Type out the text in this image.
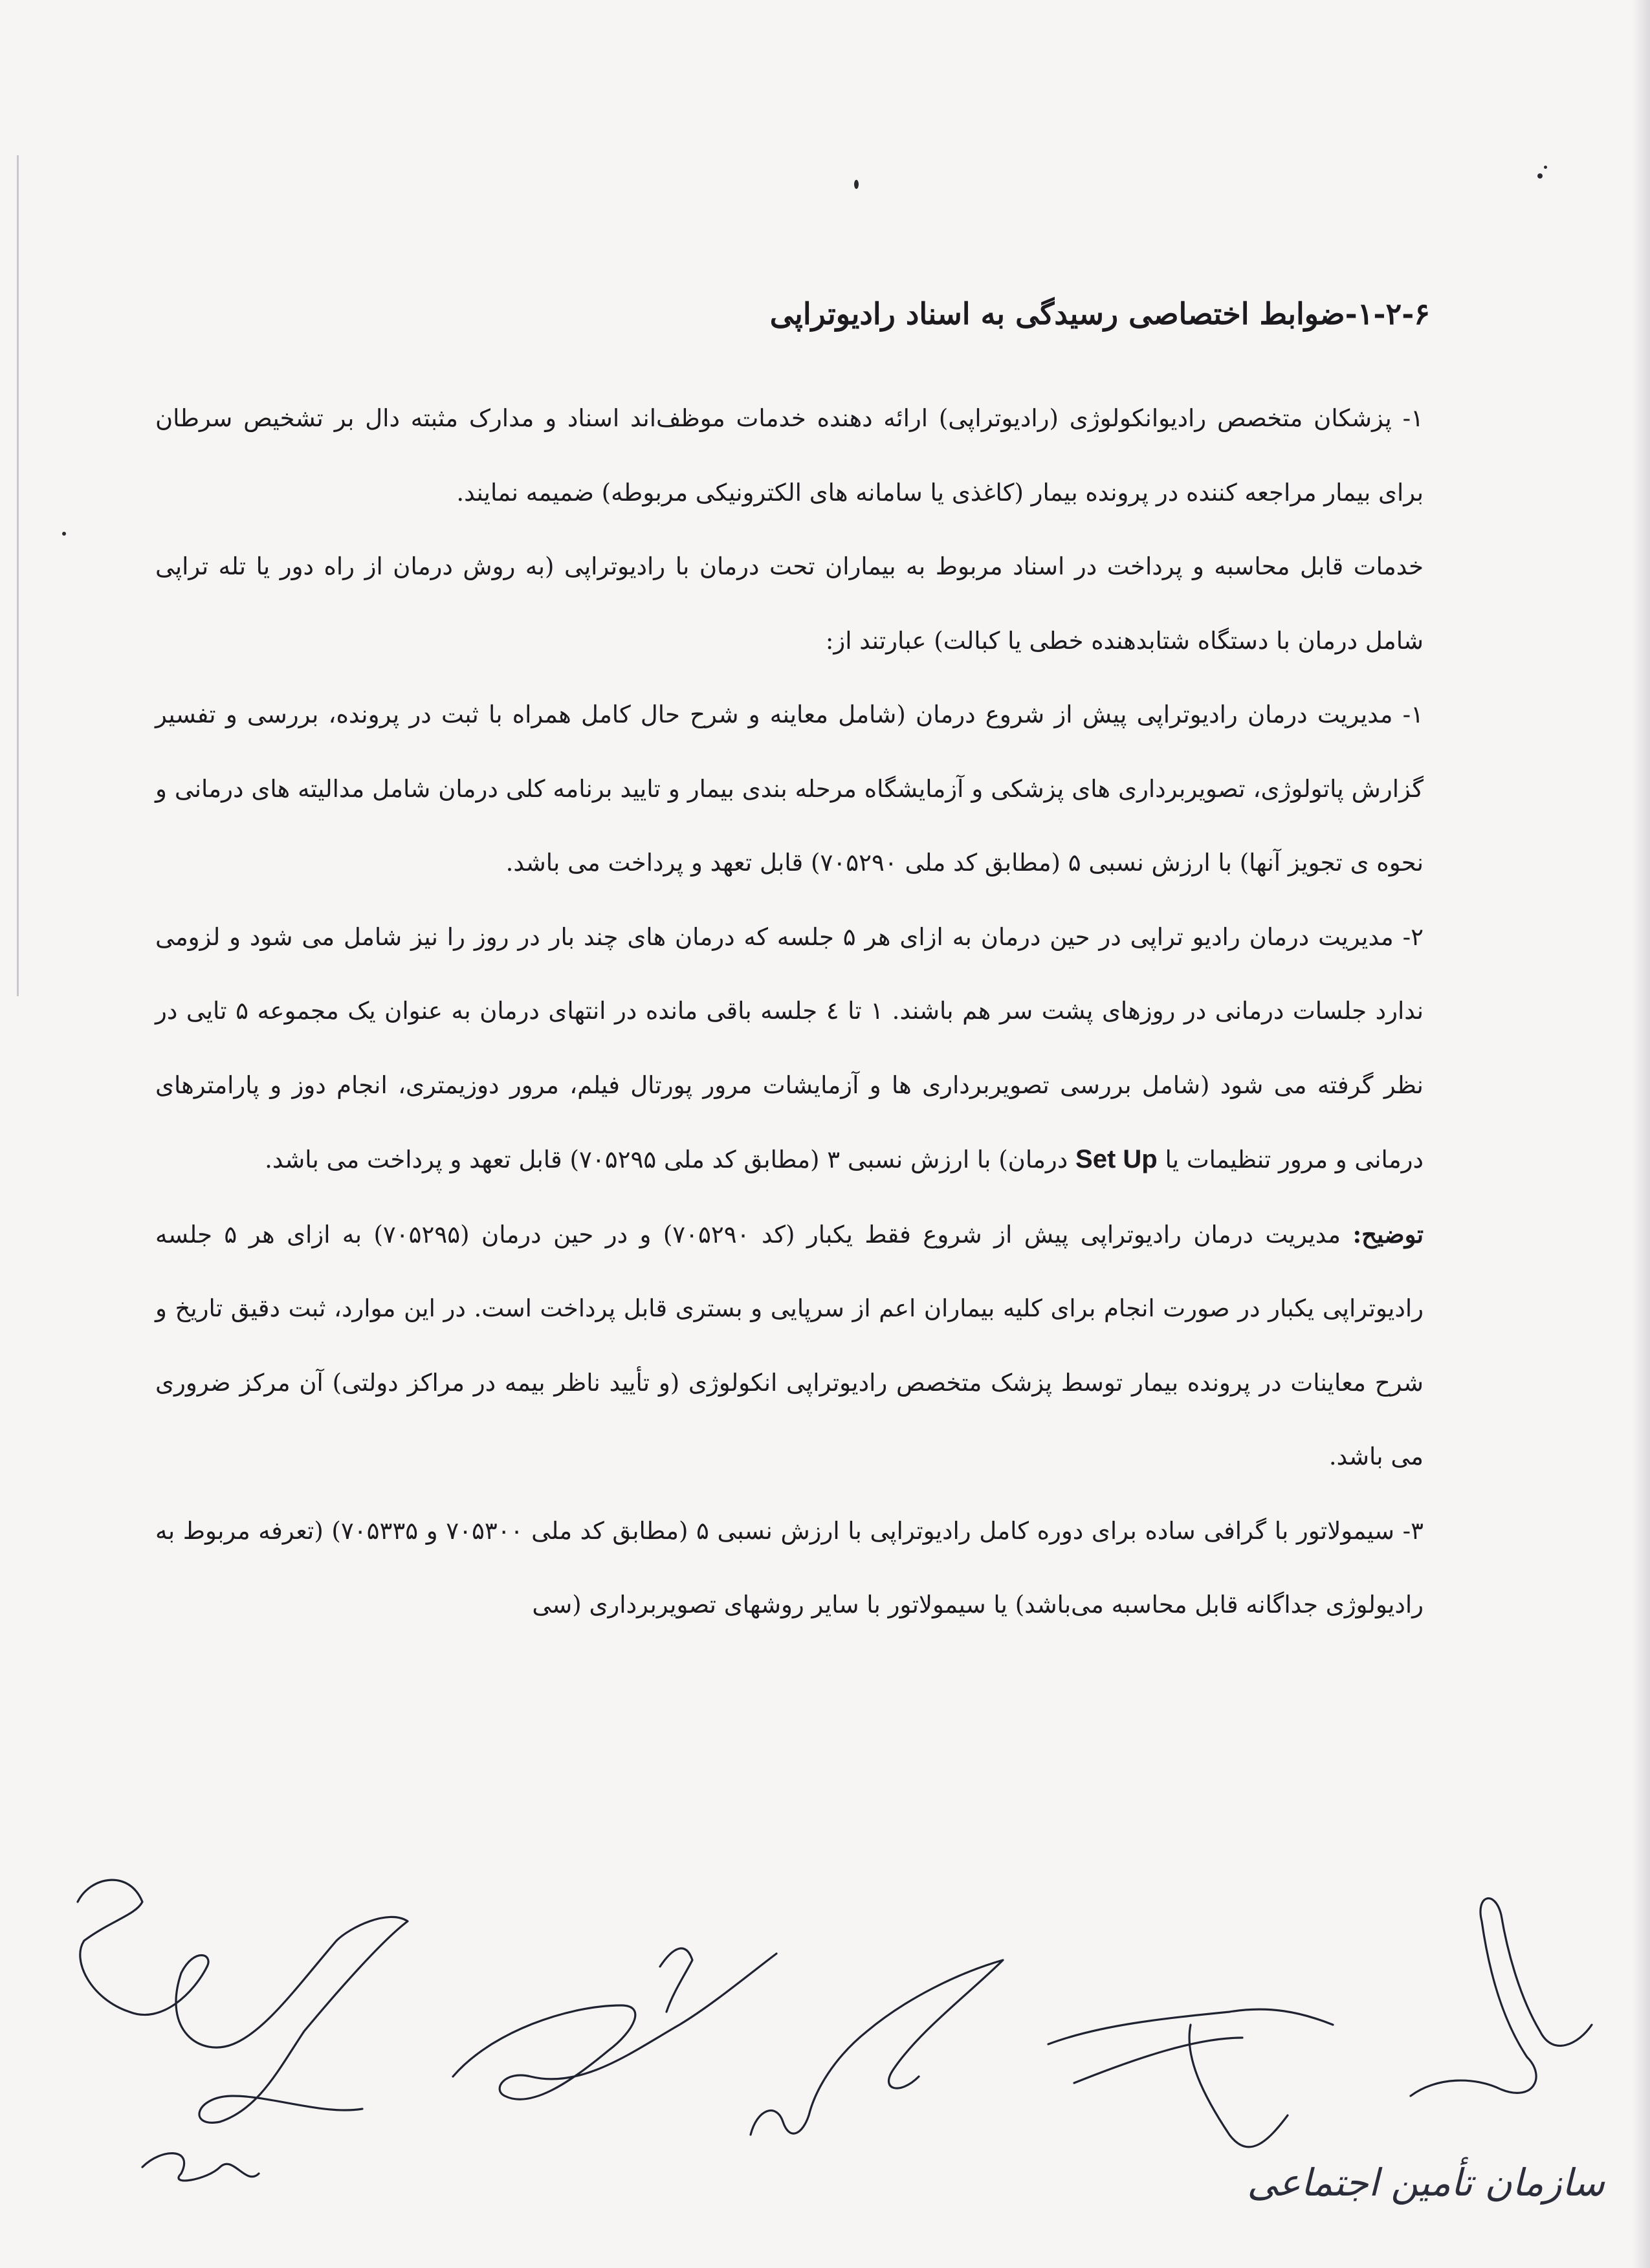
۱-۲-۶-ضوابط اختصاصی رسیدگی به اسناد رادیوتراپی

۱- پزشکان متخصص رادیوانکولوژی (رادیوتراپی) ارائه دهنده خدمات موظف‌اند اسناد و مدارک مثبته دال بر تشخیص سرطان برای بیمار مراجعه کننده در پرونده بیمار (کاغذی یا سامانه های الکترونیکی مربوطه) ضمیمه نمایند.

خدمات قابل محاسبه و پرداخت در اسناد مربوط به بیماران تحت درمان با رادیوتراپی (به روش درمان از راه دور یا تله تراپی شامل درمان با دستگاه شتابدهنده خطی یا کبالت) عبارتند از:

۱- مدیریت درمان رادیوتراپی پیش از شروع درمان (شامل معاینه و شرح حال کامل همراه با ثبت در پرونده، بررسی و تفسیر گزارش پاتولوژی، تصویربرداری های پزشکی و آزمایشگاه مرحله بندی بیمار و تایید برنامه کلی درمان شامل مدالیته های درمانی و نحوه ی تجویز آنها) با ارزش نسبی ۵ (مطابق کد ملی ۷۰۵۲۹۰) قابل تعهد و پرداخت می باشد.

۲- مدیریت درمان رادیو تراپی در حین درمان به ازای هر ۵ جلسه که درمان های چند بار در روز را نیز شامل می شود و لزومی ندارد جلسات درمانی در روزهای پشت سر هم باشند. ۱ تا ٤ جلسه باقی مانده در انتهای درمان به عنوان یک مجموعه ۵ تایی در نظر گرفته می شود (شامل بررسی تصویربرداری ها و آزمایشات مرور پورتال فیلم، مرور دوزیمتری، انجام دوز و پارامترهای درمانی و مرور تنظیمات یا Set Up درمان) با ارزش نسبی ۳ (مطابق کد ملی ۷۰۵۲۹۵) قابل تعهد و پرداخت می باشد.

توضیح: مدیریت درمان رادیوتراپی پیش از شروع فقط یکبار (کد ۷۰۵۲۹۰) و در حین درمان (۷۰۵۲۹۵) به ازای هر ۵ جلسه رادیوتراپی یکبار در صورت انجام برای کلیه بیماران اعم از سرپایی و بستری قابل پرداخت است. در این موارد، ثبت دقیق تاریخ و شرح معاینات در پرونده بیمار توسط پزشک متخصص رادیوتراپی انکولوژی (و تأیید ناظر بیمه در مراکز دولتی) آن مرکز ضروری می باشد.

۳- سیمولاتور با گرافی ساده برای دوره کامل رادیوتراپی با ارزش نسبی ۵ (مطابق کد ملی ۷۰۵۳۰۰ و ۷۰۵۳۳۵) (تعرفه مربوط به رادیولوژی جداگانه قابل محاسبه می‌باشد) یا سیمولاتور با سایر روشهای تصویربرداری (سی

سازمان تأمین اجتماعی
